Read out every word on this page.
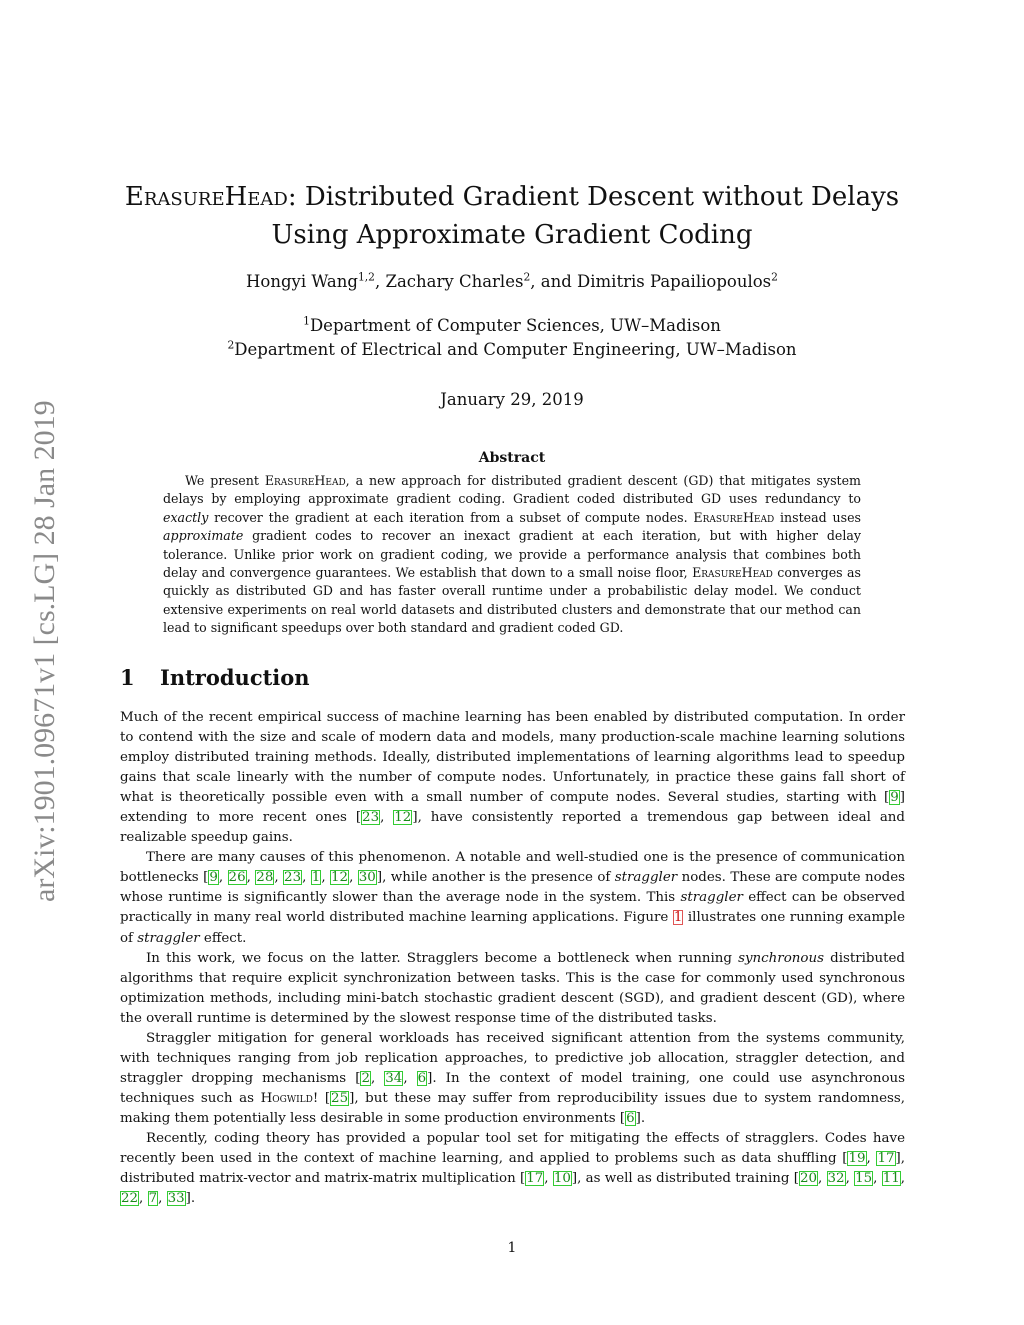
arXiv:1901.09671v1 [cs.LG] 28 Jan 2019
ErasureHead: Distributed Gradient Descent without Delays
Using Approximate Gradient Coding
Hongyi Wang$^{1,2}$, Zachary Charles$^2$, and Dimitris Papailiopoulos$^2$
$^1$Department of Computer Sciences, UW–Madison
$^2$Department of Electrical and Computer Engineering, UW–Madison
January 29, 2019
Abstract

We present ErasureHead, a new approach for distributed gradient descent (GD) that mitigates system delays by employing approximate gradient coding. Gradient coded distributed GD uses redundancy to exactly recover the gradient at each iteration from a subset of compute nodes. ErasureHead instead uses approximate gradient codes to recover an inexact gradient at each iteration, but with higher delay tolerance. Unlike prior work on gradient coding, we provide a performance analysis that combines both delay and convergence guarantees. We establish that down to a small noise floor, ErasureHead converges as quickly as distributed GD and has faster overall runtime under a probabilistic delay model. We conduct extensive experiments on real world datasets and distributed clusters and demonstrate that our method can lead to significant speedups over both standard and gradient coded GD.

1 Introduction

Much of the recent empirical success of machine learning has been enabled by distributed computation. In order to contend with the size and scale of modern data and models, many production-scale machine learning solutions employ distributed training methods. Ideally, distributed implementations of learning algorithms lead to speedup gains that scale linearly with the number of compute nodes. Unfortunately, in practice these gains fall short of what is theoretically possible even with a small number of compute nodes. Several studies, starting with [9] extending to more recent ones [23, 12], have consistently reported a tremendous gap between ideal and realizable speedup gains.

There are many causes of this phenomenon. A notable and well-studied one is the presence of communication bottlenecks [9, 26, 28, 23, 1, 12, 30], while another is the presence of straggler nodes. These are compute nodes whose runtime is significantly slower than the average node in the system. This straggler effect can be observed practically in many real world distributed machine learning applications. Figure 1 illustrates one running example of straggler effect.

In this work, we focus on the latter. Stragglers become a bottleneck when running synchronous distributed algorithms that require explicit synchronization between tasks. This is the case for commonly used synchronous optimization methods, including mini-batch stochastic gradient descent (SGD), and gradient descent (GD), where the overall runtime is determined by the slowest response time of the distributed tasks.

Straggler mitigation for general workloads has received significant attention from the systems community, with techniques ranging from job replication approaches, to predictive job allocation, straggler detection, and straggler dropping mechanisms [2, 34, 6]. In the context of model training, one could use asynchronous techniques such as Hogwild! [25], but these may suffer from reproducibility issues due to system randomness, making them potentially less desirable in some production environments [6].

Recently, coding theory has provided a popular tool set for mitigating the effects of stragglers. Codes have recently been used in the context of machine learning, and applied to problems such as data shuffling [19, 17], distributed matrix-vector and matrix-matrix multiplication [17, 10], as well as distributed training [20, 32, 15, 11, 22, 7, 33].

1
